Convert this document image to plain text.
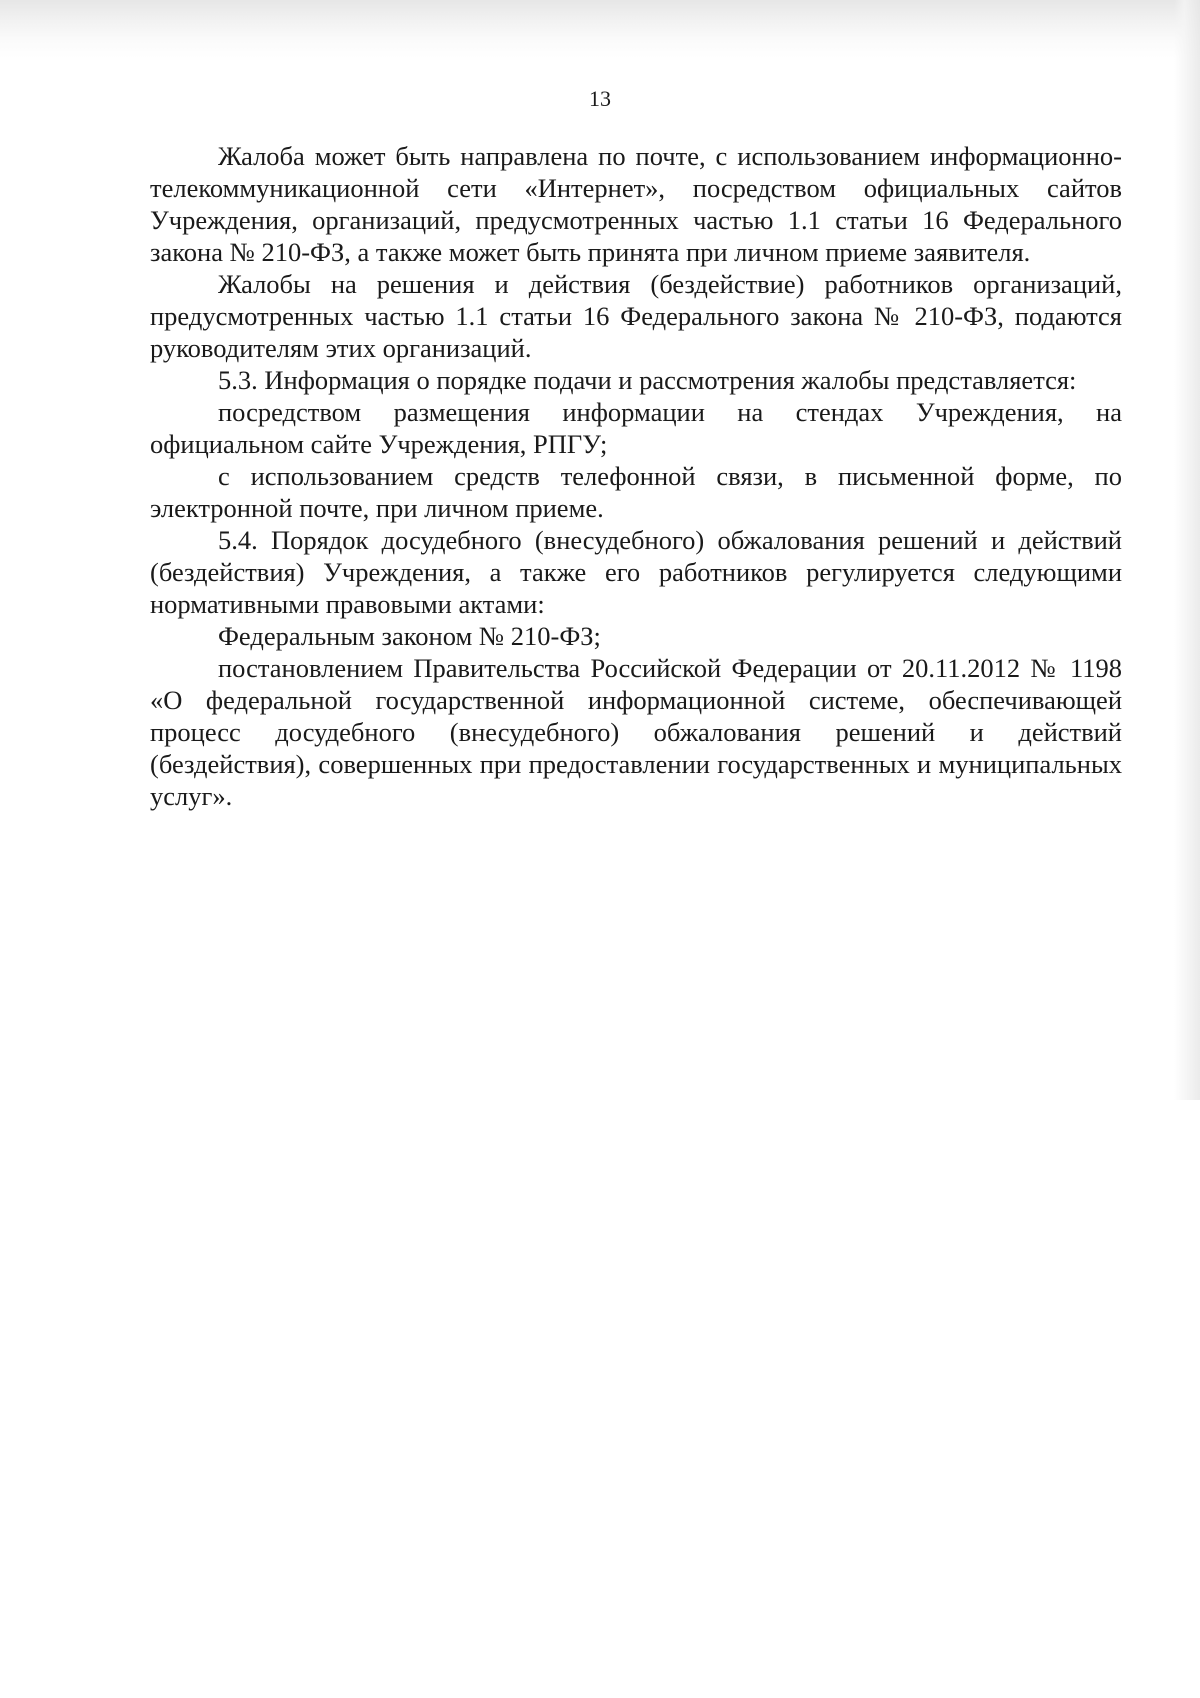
13

Жалоба может быть направлена по почте, с использованием информационно-телекоммуникационной сети «Интернет», посредством официальных сайтов Учреждения, организаций, предусмотренных частью 1.1 статьи 16 Федерального закона № 210-ФЗ, а также может быть принята при личном приеме заявителя.

Жалобы на решения и действия (бездействие) работников организаций, предусмотренных частью 1.1 статьи 16 Федерального закона № 210-ФЗ, подаются руководителям этих организаций.

5.3. Информация о порядке подачи и рассмотрения жалобы представляется:

посредством размещения информации на стендах Учреждения, на официальном сайте Учреждения, РПГУ;

с использованием средств телефонной связи, в письменной форме, по электронной почте, при личном приеме.

5.4. Порядок досудебного (внесудебного) обжалования решений и действий (бездействия) Учреждения, а также его работников регулируется следующими нормативными правовыми актами:

Федеральным законом № 210-ФЗ;

постановлением Правительства Российской Федерации от 20.11.2012 № 1198 «О федеральной государственной информационной системе, обеспечивающей процесс досудебного (внесудебного) обжалования решений и действий (бездействия), совершенных при предоставлении государственных и муниципальных услуг».
